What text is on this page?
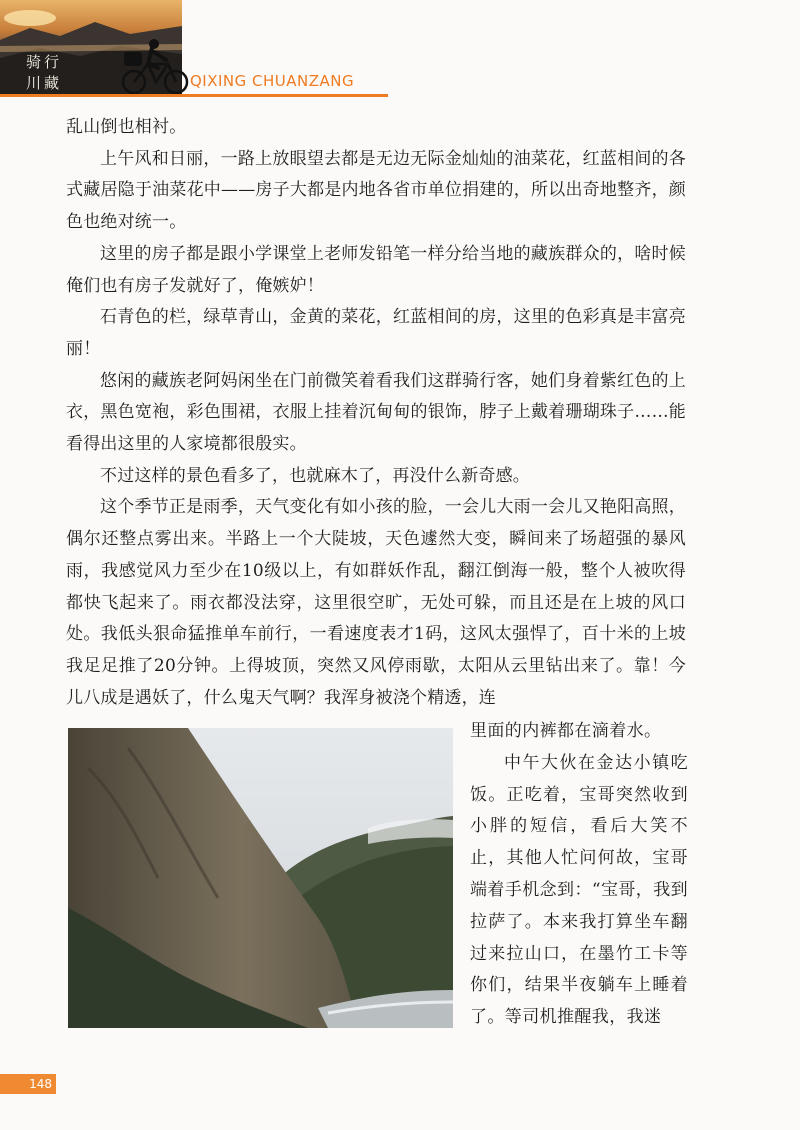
骑行
川藏	QIXING CHUANZANG

乱山倒也相衬。

上午风和日丽，一路上放眼望去都是无边无际金灿灿的油菜花，红蓝相间的各式藏居隐于油菜花中——房子大都是内地各省市单位捐建的，所以出奇地整齐，颜色也绝对统一。

这里的房子都是跟小学课堂上老师发铅笔一样分给当地的藏族群众的，啥时候俺们也有房子发就好了，俺嫉妒！

石青色的栏，绿草青山，金黄的菜花，红蓝相间的房，这里的色彩真是丰富亮丽！

悠闲的藏族老阿妈闲坐在门前微笑着看我们这群骑行客，她们身着紫红色的上衣，黑色宽袍，彩色围裙，衣服上挂着沉甸甸的银饰，脖子上戴着珊瑚珠子……能看得出这里的人家境都很殷实。

不过这样的景色看多了，也就麻木了，再没什么新奇感。

这个季节正是雨季，天气变化有如小孩的脸，一会儿大雨一会儿又艳阳高照，偶尔还整点雾出来。半路上一个大陡坡，天色遽然大变，瞬间来了场超强的暴风雨，我感觉风力至少在10级以上，有如群妖作乱，翻江倒海一般，整个人被吹得都快飞起来了。雨衣都没法穿，这里很空旷，无处可躲，而且还是在上坡的风口处。我低头狠命猛推单车前行，一看速度表才1码，这风太强悍了，百十米的上坡我足足推了20分钟。上得坡顶，突然又风停雨歇，太阳从云里钻出来了。靠！今儿八成是遇妖了，什么鬼天气啊？我浑身被浇个精透，连

里面的内裤都在滴着水。

中午大伙在金达小镇吃饭。正吃着，宝哥突然收到小胖的短信，看后大笑不止，其他人忙问何故，宝哥端着手机念到：“宝哥，我到拉萨了。本来我打算坐车翻过来拉山口，在墨竹工卡等你们，结果半夜躺车上睡着了。等司机推醒我，我迷

148
